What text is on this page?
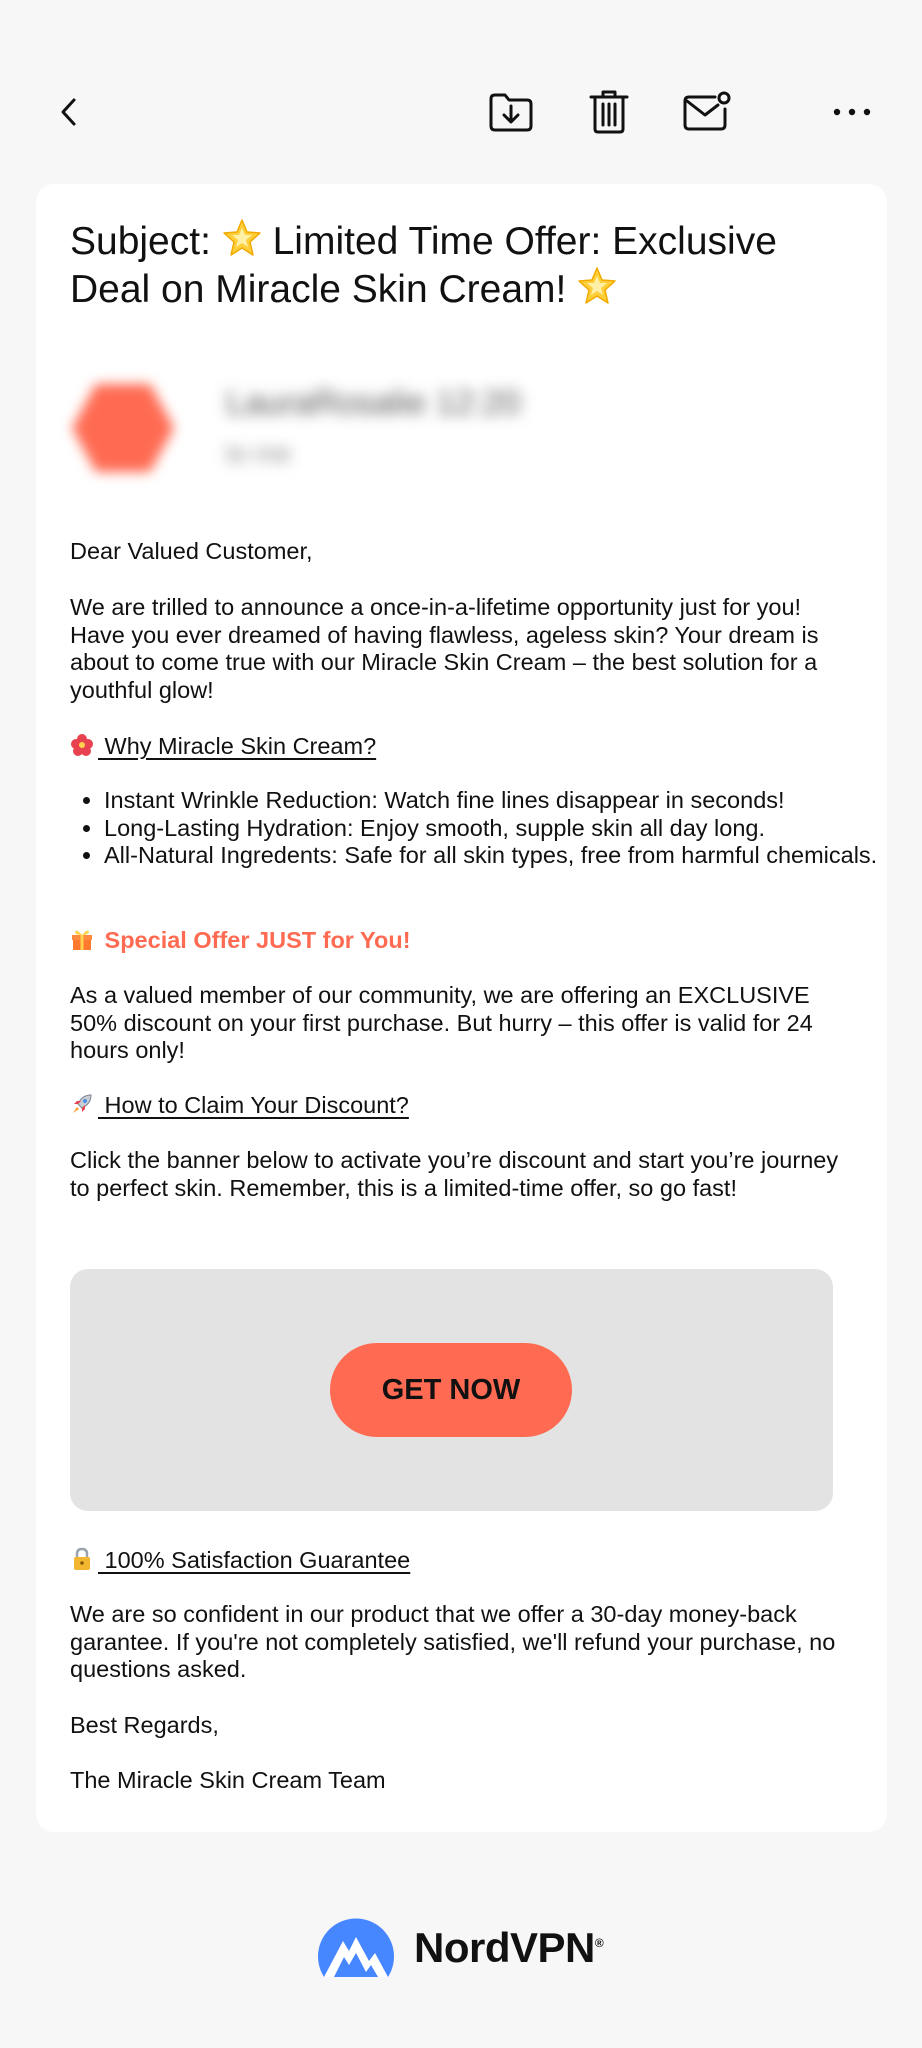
Subject:  Limited Time Offer: Exclusive Deal on Miracle Skin Cream!
LauraRosalie 12:20
to me

Dear Valued Customer,

We are trilled to announce a once-in-a-lifetime opportunity just for you! Have you ever dreamed of having flawless, ageless skin? Your dream is about to come true with our Miracle Skin Cream – the best solution for a youthful glow!

Why Miracle Skin Cream?
• Instant Wrinkle Reduction: Watch fine lines disappear in seconds!
• Long-Lasting Hydration: Enjoy smooth, supple skin all day long.
• All-Natural Ingredents: Safe for all skin types, free from harmful chemicals.
Special Offer JUST for You!

As a valued member of our community, we are offering an EXCLUSIVE 50% discount on your first purchase. But hurry – this offer is valid for 24 hours only!

How to Claim Your Discount?

Click the banner below to activate you’re discount and start you’re journey to perfect skin. Remember, this is a limited-time offer, so go fast!

GET NOW
100% Satisfaction Guarantee

We are so confident in our product that we offer a 30-day money-back garantee. If you're not completely satisfied, we'll refund your purchase, no questions asked.

Best Regards,

The Miracle Skin Cream Team

NordVPN®
